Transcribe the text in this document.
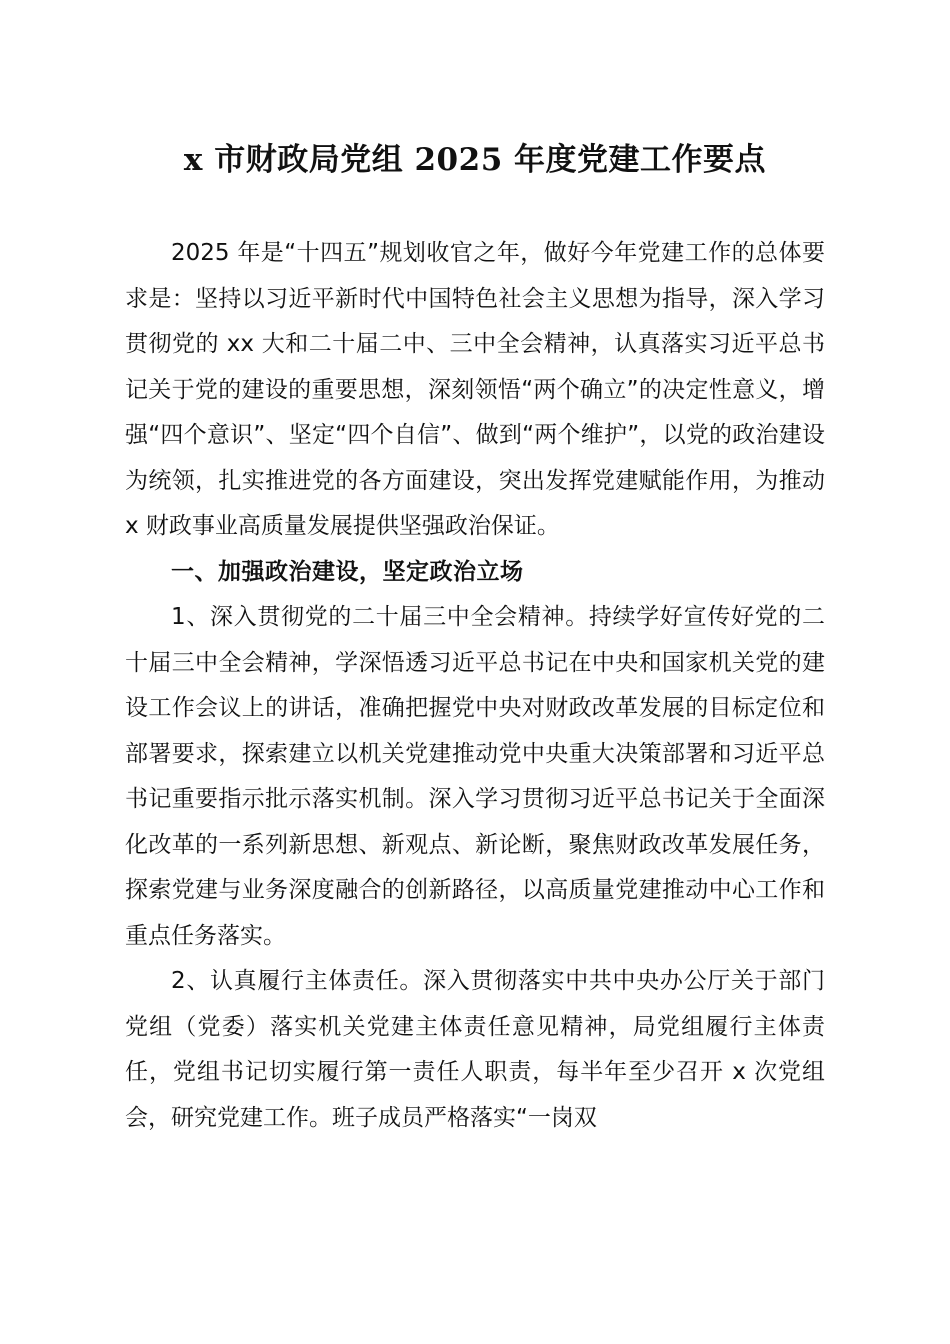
x 市财政局党组 2025 年度党建工作要点

2025 年是“十四五”规划收官之年，做好今年党建工作的总体要求是：坚持以习近平新时代中国特色社会主义思想为指导，深入学习贯彻党的 xx 大和二十届二中、三中全会精神，认真落实习近平总书记关于党的建设的重要思想，深刻领悟“两个确立”的决定性意义，增强“四个意识”、坚定“四个自信”、做到“两个维护”，以党的政治建设为统领，扎实推进党的各方面建设，突出发挥党建赋能作用，为推动 x 财政事业高质量发展提供坚强政治保证。

一、加强政治建设，坚定政治立场

1、深入贯彻党的二十届三中全会精神。持续学好宣传好党的二十届三中全会精神，学深悟透习近平总书记在中央和国家机关党的建设工作会议上的讲话，准确把握党中央对财政改革发展的目标定位和部署要求，探索建立以机关党建推动党中央重大决策部署和习近平总书记重要指示批示落实机制。深入学习贯彻习近平总书记关于全面深化改革的一系列新思想、新观点、新论断，聚焦财政改革发展任务，探索党建与业务深度融合的创新路径，以高质量党建推动中心工作和重点任务落实。

2、认真履行主体责任。深入贯彻落实中共中央办公厅关于部门党组（党委）落实机关党建主体责任意见精神，局党组履行主体责任，党组书记切实履行第一责任人职责，每半年至少召开 x 次党组会，研究党建工作。班子成员严格落实“一岗双
